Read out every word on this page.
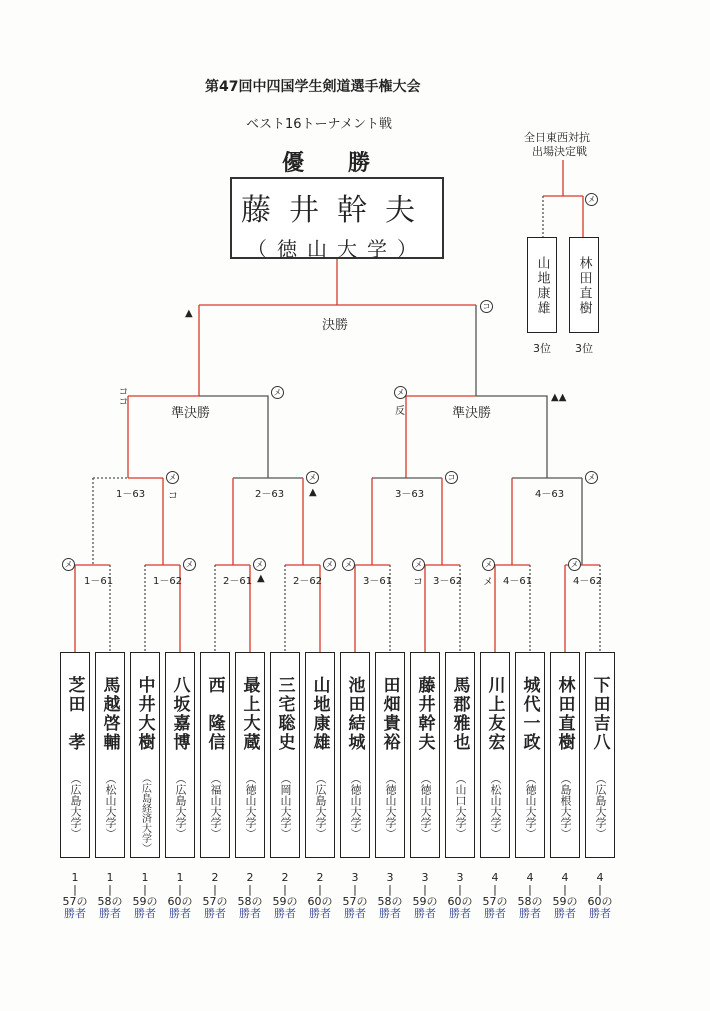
第47回中四国学生剣道選手権大会
ベスト16トーナメント戦
優勝
藤井幹夫
（徳山大学）
全日東西対抗
出場決定戦
メ
山地康雄 林田直樹
3位	3位
決勝
準決勝	準決勝
1－63	2－63	3－63	4－63
1－61	1－62	2－61	2－62	3－61	3－62	4－61	4－62
▲
コ
ココ	メ	メ
反
▲▲
メ
コ
メ
▲
コ	メ
メ	メ	メ	メ	メ	メ	メ	メ
▲	コ	メ
芝田　孝
（広島大学）
馬越啓輔
（松山大学）
中井大樹
（広島経済大学）
八坂嘉博
（広島大学）
西　隆信
（福山大学）
最上大蔵
（徳山大学）
三宅聡史
（岡山大学）
山地康雄
（広島大学）
池田結城
（徳山大学）
田畑貴裕
（徳山大学）
藤井幹夫
（徳山大学）
馬郡雅也
（山口大学）
川上友宏
（松山大学）
城代一政
（徳山大学）
林田直樹
（島根大学）
下田吉八
（広島大学）
1
|
57の
勝者
1
|
58の
勝者
1
|
59の
勝者
1
|
60の
勝者
2
|
57の
勝者
2
|
58の
勝者
2
|
59の
勝者
2
|
60の
勝者
3
|
57の
勝者
3
|
58の
勝者
3
|
59の
勝者
3
|
60の
勝者
4
|
57の
勝者
4
|
58の
勝者
4
|
59の
勝者
4
|
60の
勝者
